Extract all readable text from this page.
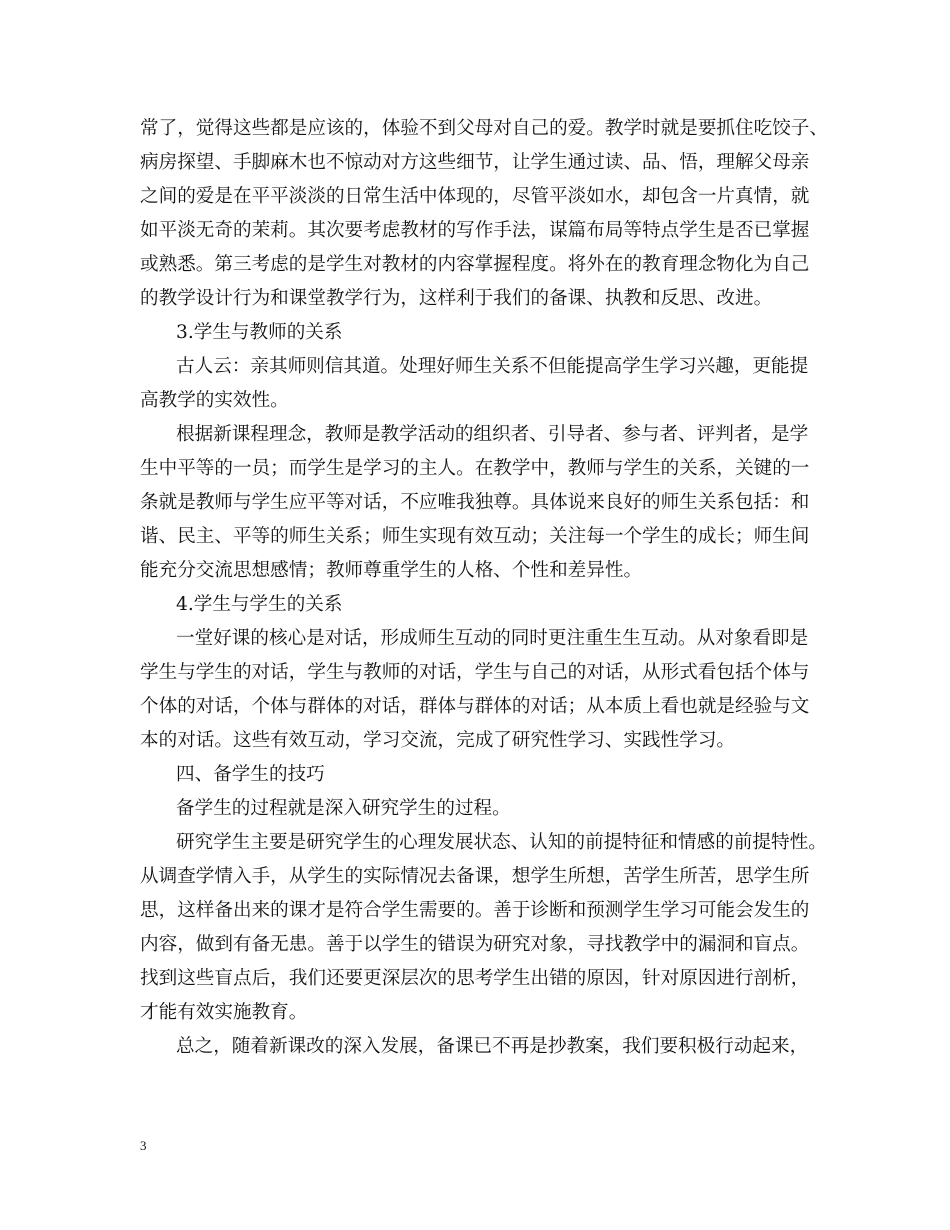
常了，觉得这些都是应该的，体验不到父母对自己的爱。教学时就是要抓住吃饺子、
病房探望、手脚麻木也不惊动对方这些细节，让学生通过读、品、悟，理解父母亲
之间的爱是在平平淡淡的日常生活中体现的，尽管平淡如水，却包含一片真情，就
如平淡无奇的茉莉。其次要考虑教材的写作手法，谋篇布局等特点学生是否已掌握
或熟悉。第三考虑的是学生对教材的内容掌握程度。将外在的教育理念物化为自己
的教学设计行为和课堂教学行为，这样利于我们的备课、执教和反思、改进。
3.学生与教师的关系
古人云：亲其师则信其道。处理好师生关系不但能提高学生学习兴趣，更能提
高教学的实效性。
根据新课程理念，教师是教学活动的组织者、引导者、参与者、评判者，是学
生中平等的一员；而学生是学习的主人。在教学中，教师与学生的关系，关键的一
条就是教师与学生应平等对话，不应唯我独尊。具体说来良好的师生关系包括：和
谐、民主、平等的师生关系；师生实现有效互动；关注每一个学生的成长；师生间
能充分交流思想感情；教师尊重学生的人格、个性和差异性。
4.学生与学生的关系
一堂好课的核心是对话，形成师生互动的同时更注重生生互动。从对象看即是
学生与学生的对话，学生与教师的对话，学生与自己的对话，从形式看包括个体与
个体的对话，个体与群体的对话，群体与群体的对话；从本质上看也就是经验与文
本的对话。这些有效互动，学习交流，完成了研究性学习、实践性学习。
四、备学生的技巧
备学生的过程就是深入研究学生的过程。
研究学生主要是研究学生的心理发展状态、认知的前提特征和情感的前提特性。
从调查学情入手，从学生的实际情况去备课，想学生所想，苦学生所苦，思学生所
思，这样备出来的课才是符合学生需要的。善于诊断和预测学生学习可能会发生的
内容，做到有备无患。善于以学生的错误为研究对象，寻找教学中的漏洞和盲点。
找到这些盲点后，我们还要更深层次的思考学生出错的原因，针对原因进行剖析，
才能有效实施教育。
总之，随着新课改的深入发展，备课已不再是抄教案，我们要积极行动起来，
3
